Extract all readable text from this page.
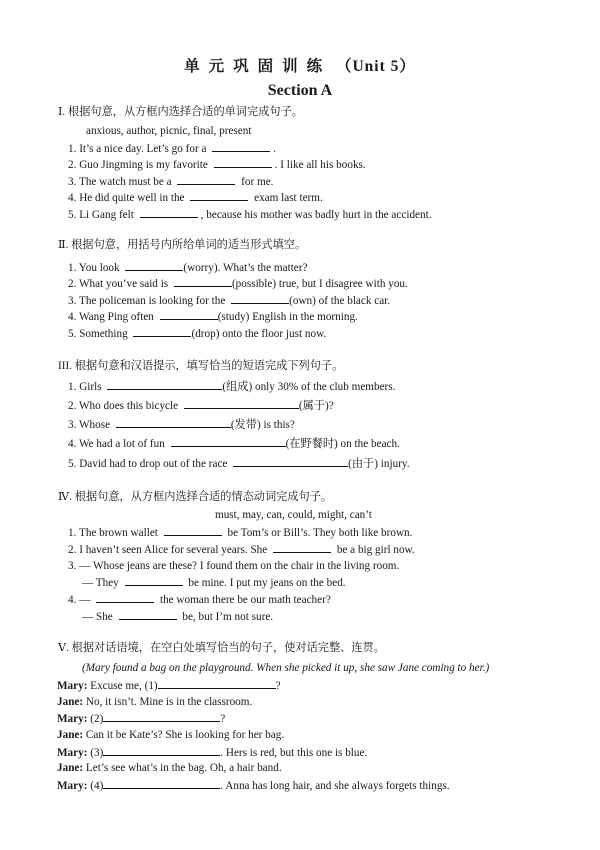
单元巩固训练 （Unit 5）
Section A
Ⅰ. 根据句意，从方框内选择合适的单词完成句子。
anxious, author, picnic, final, present
1. It’s a nice day. Let’s go for a	.
2. Guo Jingming is my favorite	. I like all his books.
3. The watch must be a	for me.
4. He did quite well in the	exam last term.
5. Li Gang felt	, because his mother was badly hurt in the accident.
Ⅱ. 根据句意，用括号内所给单词的适当形式填空。
1. You look	(worry). What’s the matter?
2. What you’ve said is	(possible) true, but I disagree with you.
3. The policeman is looking for the	(own) of the black car.
4. Wang Ping often	(study) English in the morning.
5. Something	(drop) onto the floor just now.
III. 根据句意和汉语提示，填写恰当的短语完成下列句子。
1. Girls	(组成) only 30% of the club members.
2. Who does this bicycle	(属于)?
3. Whose	(发带) is this?
4. We had a lot of fun	(在野餐时) on the beach.
5. David had to drop out of the race	(由于) injury.
Ⅳ. 根据句意，从方框内选择合适的情态动词完成句子。
must, may, can, could, might, can’t
1. The brown wallet	be Tom’s or Bill’s. They both like brown.
2. I haven’t seen Alice for several years. She	be a big girl now.
3. — Whose jeans are these? I found them on the chair in the living room.
— They	be mine. I put my jeans on the bed.
4. —	the woman there be our math teacher?
— She	be, but I’m not sure.
Ⅴ. 根据对话语境，在空白处填写恰当的句子，使对话完整、连贯。
(Mary found a bag on the playground. When she picked it up, she saw Jane coming to her.)
Mary: Excuse me, (1)	?
Jane: No, it isn’t. Mine is in the classroom.
Mary: (2)	?
Jane: Can it be Kate’s? She is looking for her bag.
Mary: (3)	. Hers is red, but this one is blue.
Jane: Let’s see what’s in the bag. Oh, a hair band.
Mary: (4)	. Anna has long hair, and she always forgets things.
